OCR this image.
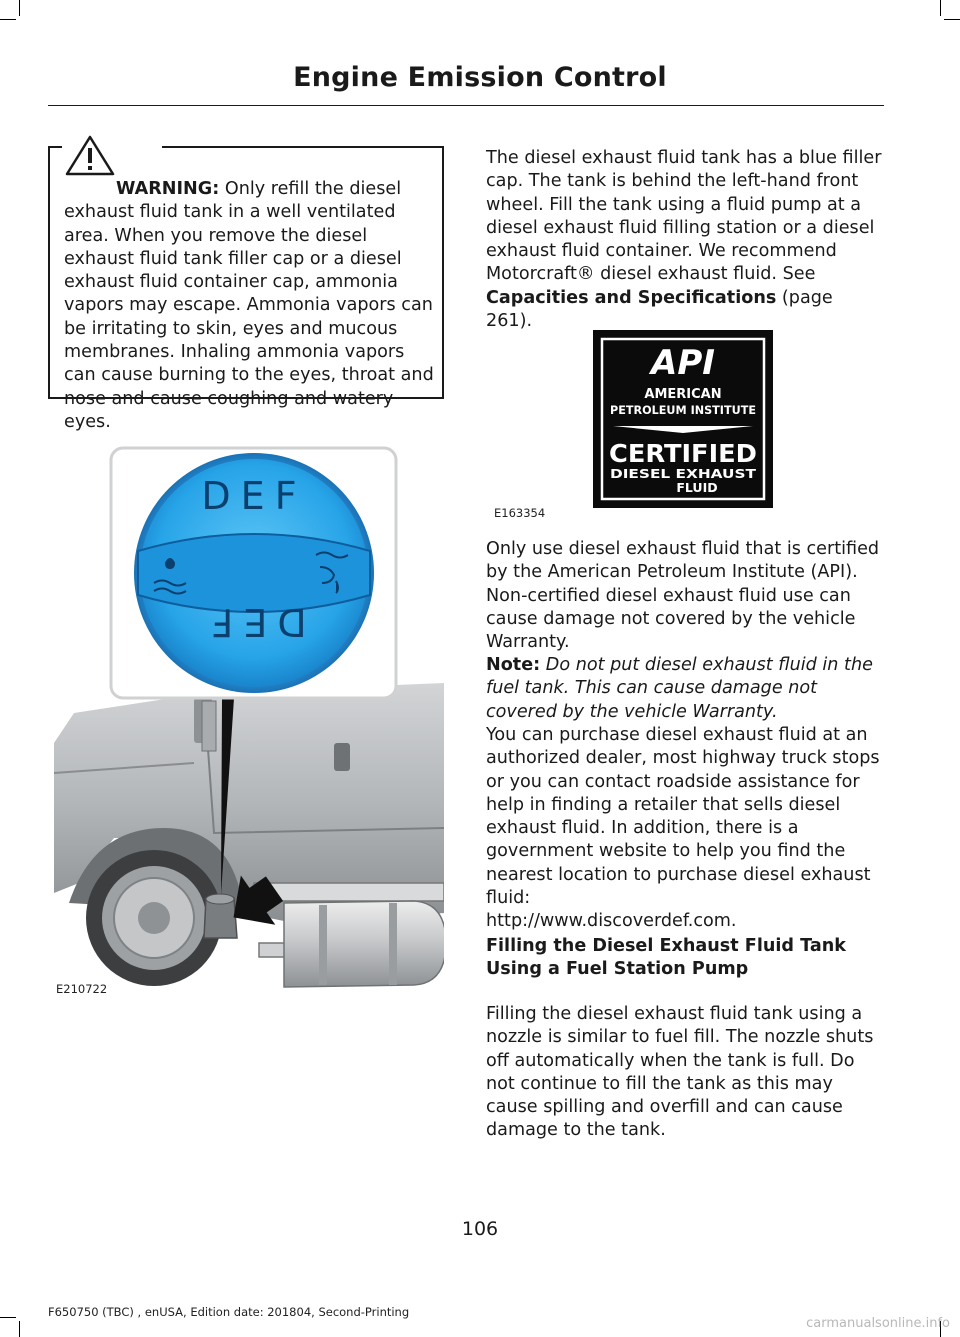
Engine Emission Control

WARNING: Only refill the diesel exhaust fluid tank in a well ventilated area. When you remove the diesel exhaust fluid tank filler cap or a diesel exhaust fluid container cap, ammonia vapors may escape. Ammonia vapors can be irritating to skin, eyes and mucous membranes. Inhaling ammonia vapors can cause burning to the eyes, throat and nose and cause coughing and watery eyes.

DEF
DEF
E210722

The diesel exhaust fluid tank has a blue filler cap. The tank is behind the left-hand front wheel. Fill the tank using a fluid pump at a diesel exhaust fluid filling station or a diesel exhaust fluid container. We recommend Motorcraft® diesel exhaust fluid. See Capacities and Specifications (page 261).

API
AMERICAN
PETROLEUM INSTITUTE
CERTIFIED
DIESEL EXHAUST
FLUID
E163354

Only use diesel exhaust fluid that is certified by the American Petroleum Institute (API). Non-certified diesel exhaust fluid use can cause damage not covered by the vehicle Warranty.

Note: Do not put diesel exhaust fluid in the fuel tank. This can cause damage not covered by the vehicle Warranty.

You can purchase diesel exhaust fluid at an authorized dealer, most highway truck stops or you can contact roadside assistance for help in finding a retailer that sells diesel exhaust fluid. In addition, there is a government website to help you find the nearest location to purchase diesel exhaust fluid:

http://www.discoverdef.com.

Filling the Diesel Exhaust Fluid Tank

Using a Fuel Station Pump

Filling the diesel exhaust fluid tank using a nozzle is similar to fuel fill. The nozzle shuts off automatically when the tank is full. Do not continue to fill the tank as this may cause spilling and overfill and can cause damage to the tank.

106
F650750 (TBC) , enUSA, Edition date: 201804, Second-Printing
carmanualsonline.info
